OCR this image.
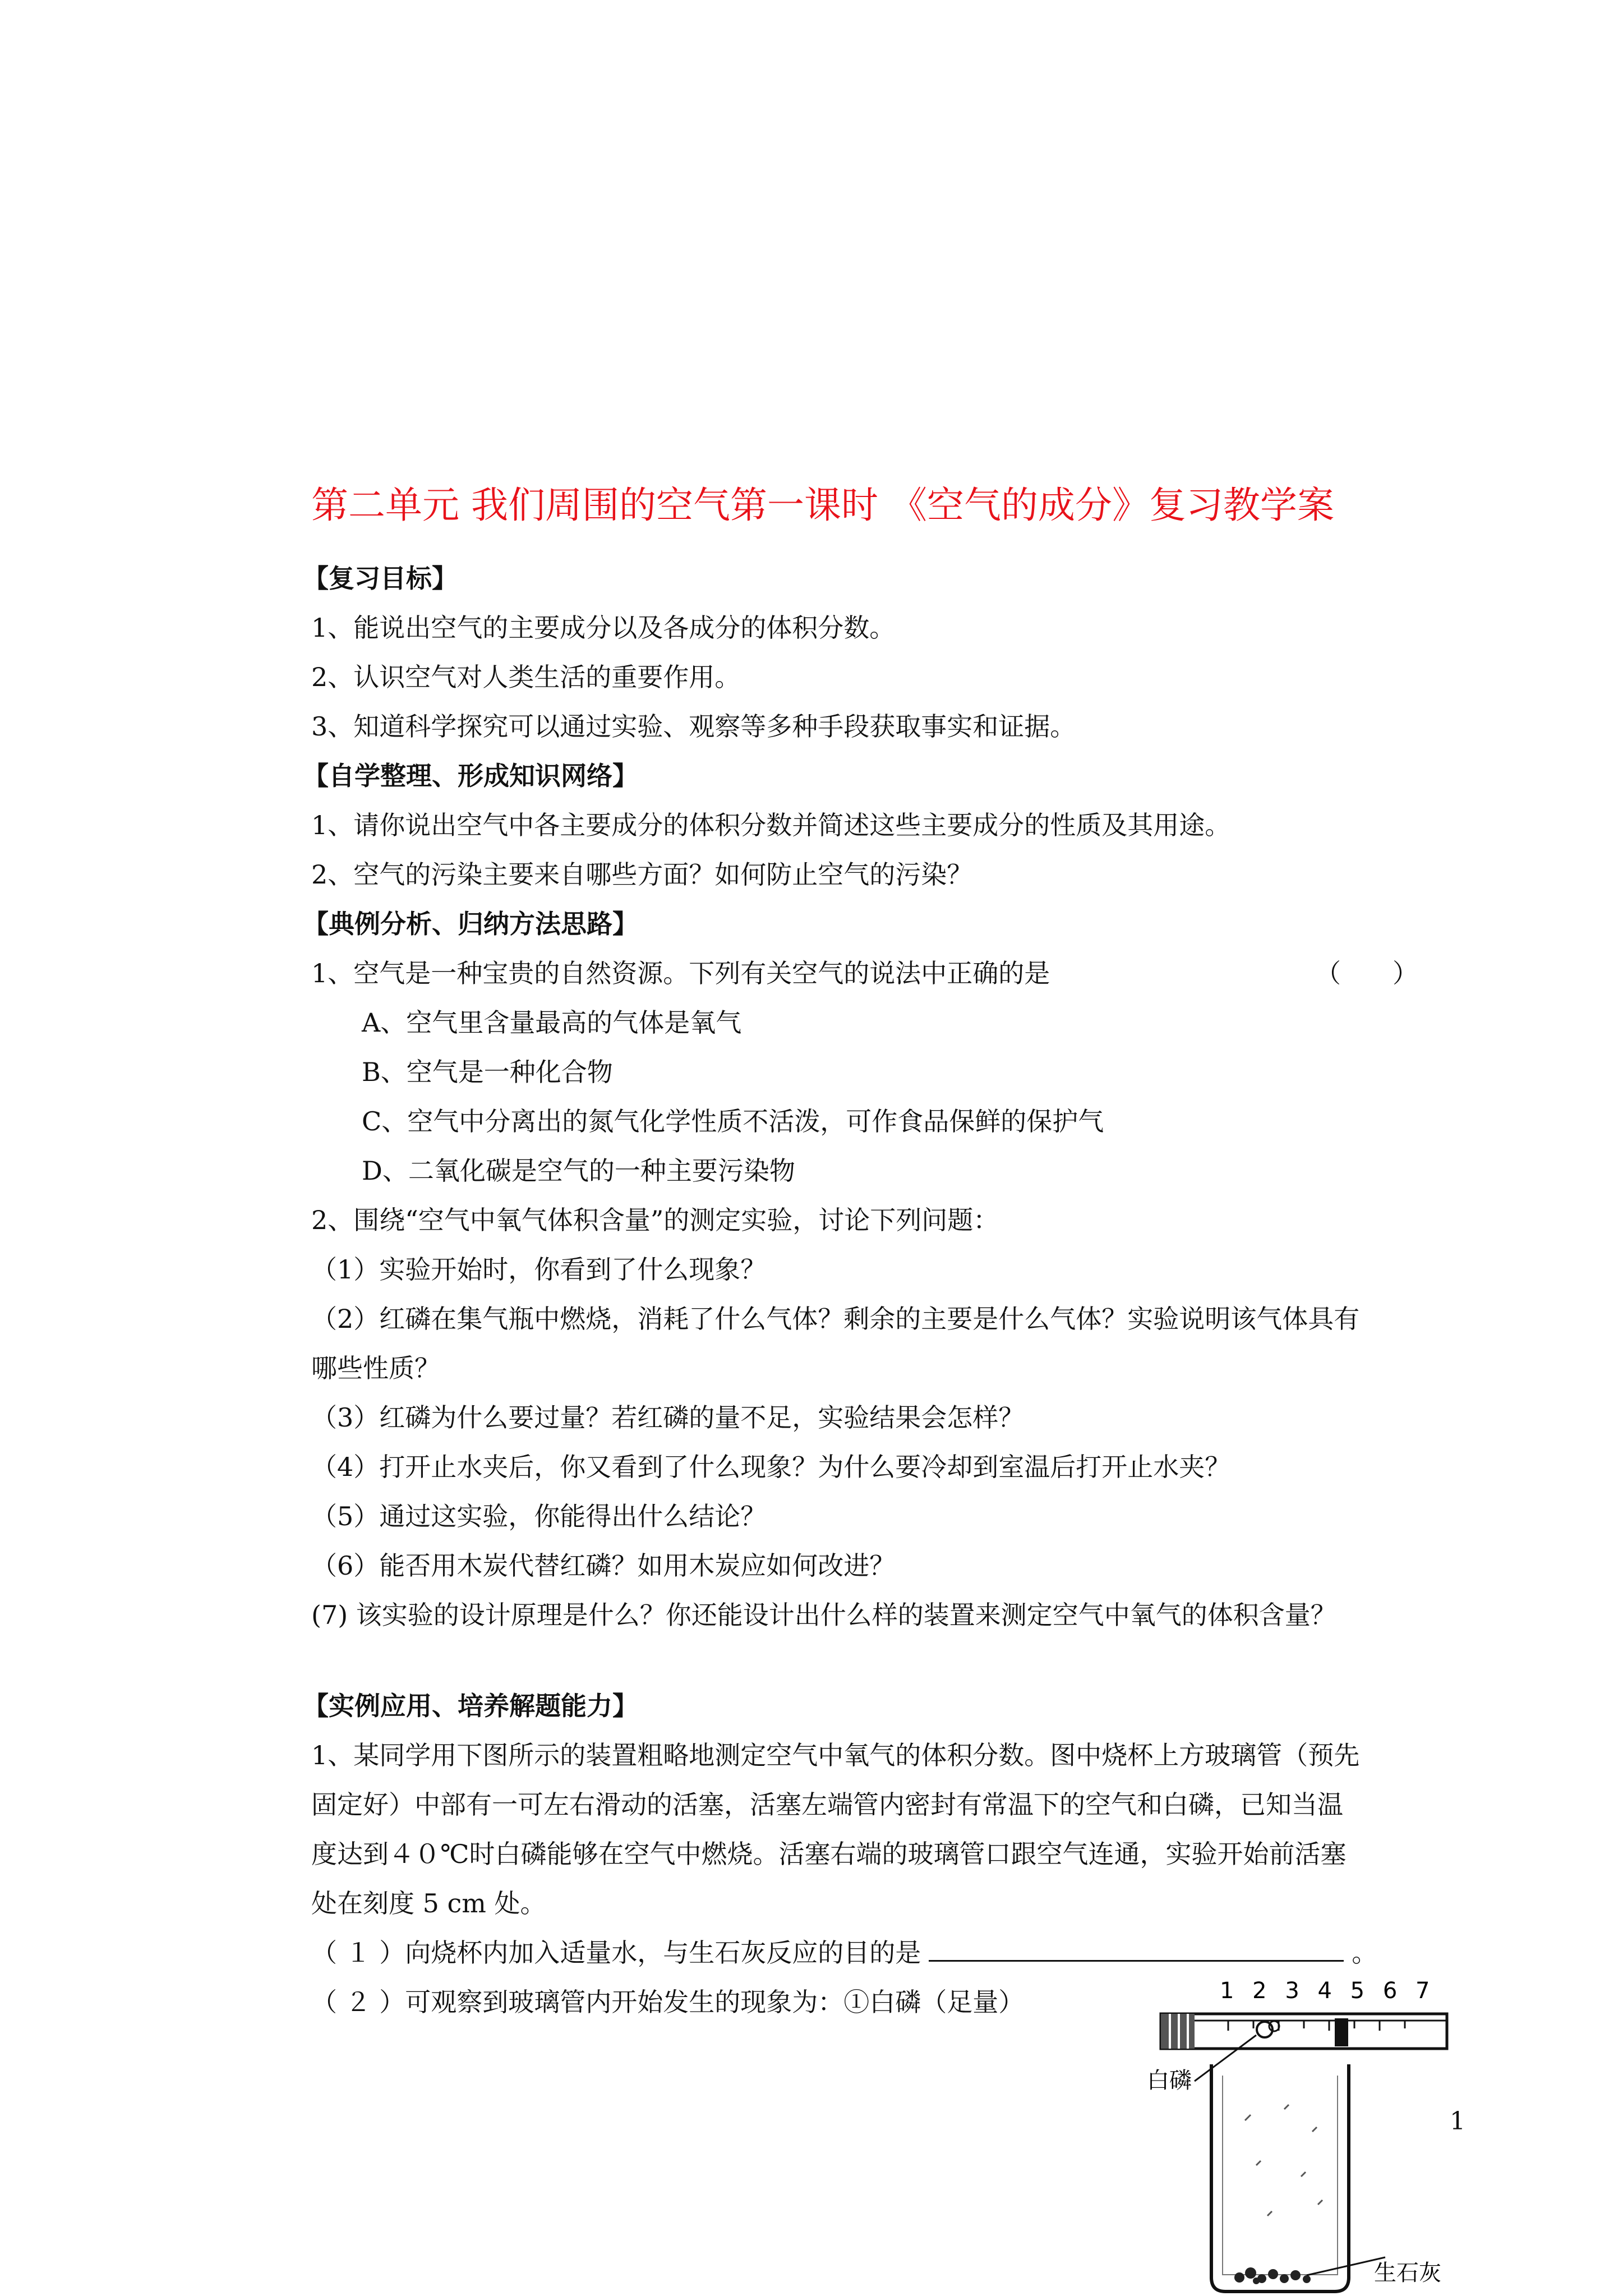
第二单元 我们周围的空气第一课时 《空气的成分》复习教学案
【复习目标】
1、能说出空气的主要成分以及各成分的体积分数。
2、认识空气对人类生活的重要作用。
3、知道科学探究可以通过实验、观察等多种手段获取事实和证据。
【自学整理、形成知识网络】
1、请你说出空气中各主要成分的体积分数并简述这些主要成分的性质及其用途。
2、空气的污染主要来自哪些方面？如何防止空气的污染？
【典例分析、归纳方法思路】
1、空气是一种宝贵的自然资源。下列有关空气的说法中正确的是	（　　）
A、空气里含量最高的气体是氧气
B、空气是一种化合物
C、空气中分离出的氮气化学性质不活泼，可作食品保鲜的保护气
D、二氧化碳是空气的一种主要污染物
2、围绕“空气中氧气体积含量”的测定实验，讨论下列问题：
（1）实验开始时，你看到了什么现象？
（2）红磷在集气瓶中燃烧，消耗了什么气体？剩余的主要是什么气体？实验说明该气体具有
哪些性质？
（3）红磷为什么要过量？若红磷的量不足，实验结果会怎样？
（4）打开止水夹后，你又看到了什么现象？为什么要冷却到室温后打开止水夹？
（5）通过这实验，你能得出什么结论？
（6）能否用木炭代替红磷？如用木炭应如何改进？
(7) 该实验的设计原理是什么？你还能设计出什么样的装置来测定空气中氧气的体积含量？
【实例应用、培养解题能力】
1、某同学用下图所示的装置粗略地测定空气中氧气的体积分数。图中烧杯上方玻璃管（预先
固定好）中部有一可左右滑动的活塞，活塞左端管内密封有常温下的空气和白磷，已知当温
度达到４０℃时白磷能够在空气中燃烧。活塞右端的玻璃管口跟空气连通，实验开始前活塞
处在刻度 5 cm 处。
（ １ ）向烧杯内加入适量水，与生石灰反应的目的是	。
（ ２ ）可观察到玻璃管内开始发生的现象为：①白磷（足量）	1 2 3 4 5 6 7
白磷
生石灰
1
